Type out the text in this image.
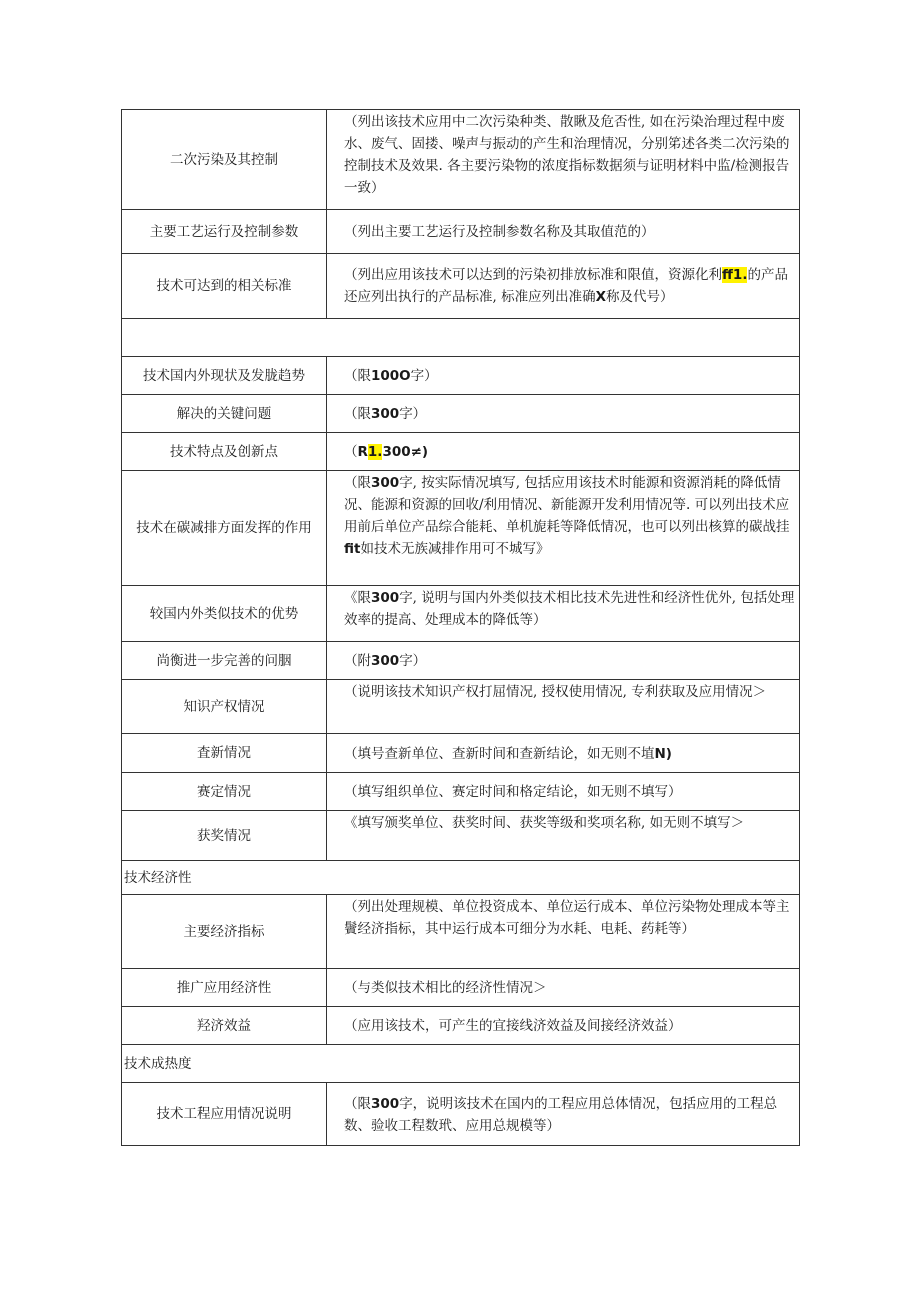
二次污染及其控制	（列出该技术应用中二次污染种类、散瞅及危否性, 如在污染治理过程中废水、废气、固搂、噪声与振动的产生和治理情况，分别笫述各类二次污染的控制技术及效果. 各主要污染物的浓度指标数据须与证明材料中监/检测报告一致）

主要工艺运行及控制参数	（列出主要工艺运行及控制参数名称及其取值范的）

技术可达到的相关标准	（列出应用该技术可以达到的污染初排放标准和限值，资源化利ff1.的产品还应列出执行的产品标准, 标准应列出准确X称及代号）

技术国内外现状及发胧趋势	（限100O字）

解决的关键问题	（限300字）

技术特点及创新点	（R1.300≠)

技术在碳减排方面发挥的作用	（限300字, 按实际情况填写, 包括应用该技术时能源和资源消耗的降低情况、能源和资源的回收/利用情况、新能源开发利用情况等. 可以列出技术应用前后单位产品综合能耗、单机旎耗等降低情况，也可以列出核算的碳战挂fit如技术无族减排作用可不城写》

较国内外类似技术的优势	《限300字, 说明与国内外类似技术相比技术先进性和经济性优外, 包括处理效率的提高、处理成本的降低等）

尚衡进一步完善的问胭	（附300字）

知识产权情况	（说明该技术知识产权打屈情况, 授权使用情况, 专利获取及应用情况＞

査新情况	（填号查新单位、查新时间和查新结论，如无则不埴N)

赛定情况	（填写组织单位、赛定时间和格定结论，如无则不填写）

获奖情况	《填写颁奖单位、获奖时间、获奖等级和奖项名称, 如无则不填写＞

技术经济性	
主要经济指标	（列出处理规模、单位投资成本、单位运行成本、单位污染物处理成本等主鬢经济指标，其中运行成本可细分为水耗、电耗、药耗等）

推广应用经济性	（与类似技术相比的经济性情况＞

羟济效益	（应用该技术，可产生的宜接线济效益及间接经济效益）

技术成热度	
技术工程应用情况说明	（限300字，说明该技术在国内的工程应用总体情况，包括应用的工程总数、验收工程数玳、应用总规模等）
